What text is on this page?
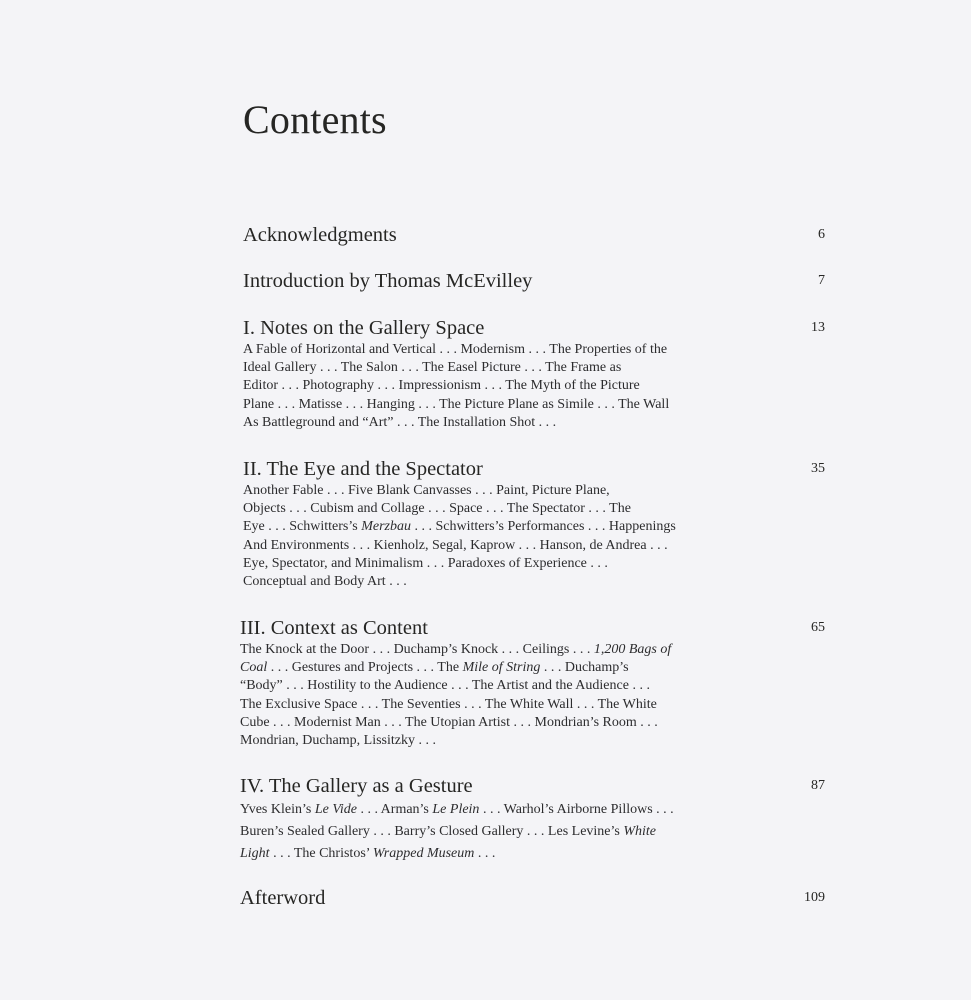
Contents
Acknowledgments	6
Introduction by Thomas McEvilley	7
I. Notes on the Gallery Space	13
A Fable of Horizontal and Vertical . . . Modernism . . . The Properties of the
Ideal Gallery . . . The Salon . . . The Easel Picture . . . The Frame as
Editor . . . Photography . . . Impressionism . . . The Myth of the Picture
Plane . . . Matisse . . . Hanging . . . The Picture Plane as Simile . . . The Wall
As Battleground and “Art” . . . The Installation Shot . . .
II. The Eye and the Spectator	35
Another Fable . . . Five Blank Canvasses . . . Paint, Picture Plane,
Objects . . . Cubism and Collage . . . Space . . . The Spectator . . . The
Eye . . . Schwitters’s Merzbau . . . Schwitters’s Performances . . . Happenings
And Environments . . . Kienholz, Segal, Kaprow . . . Hanson, de Andrea . . .
Eye, Spectator, and Minimalism . . . Paradoxes of Experience . . .
Conceptual and Body Art . . .
III. Context as Content	65
The Knock at the Door . . . Duchamp’s Knock . . . Ceilings . . . 1,200 Bags of
Coal . . . Gestures and Projects . . . The Mile of String . . . Duchamp’s
“Body” . . . Hostility to the Audience . . . The Artist and the Audience . . .
The Exclusive Space . . . The Seventies . . . The White Wall . . . The White
Cube . . . Modernist Man . . . The Utopian Artist . . . Mondrian’s Room . . .
Mondrian, Duchamp, Lissitzky . . .
IV. The Gallery as a Gesture	87
Yves Klein’s Le Vide . . . Arman’s Le Plein . . . Warhol’s Airborne Pillows . . .
Buren’s Sealed Gallery . . . Barry’s Closed Gallery . . . Les Levine’s White
Light . . . The Christos’ Wrapped Museum . . .
Afterword	109
